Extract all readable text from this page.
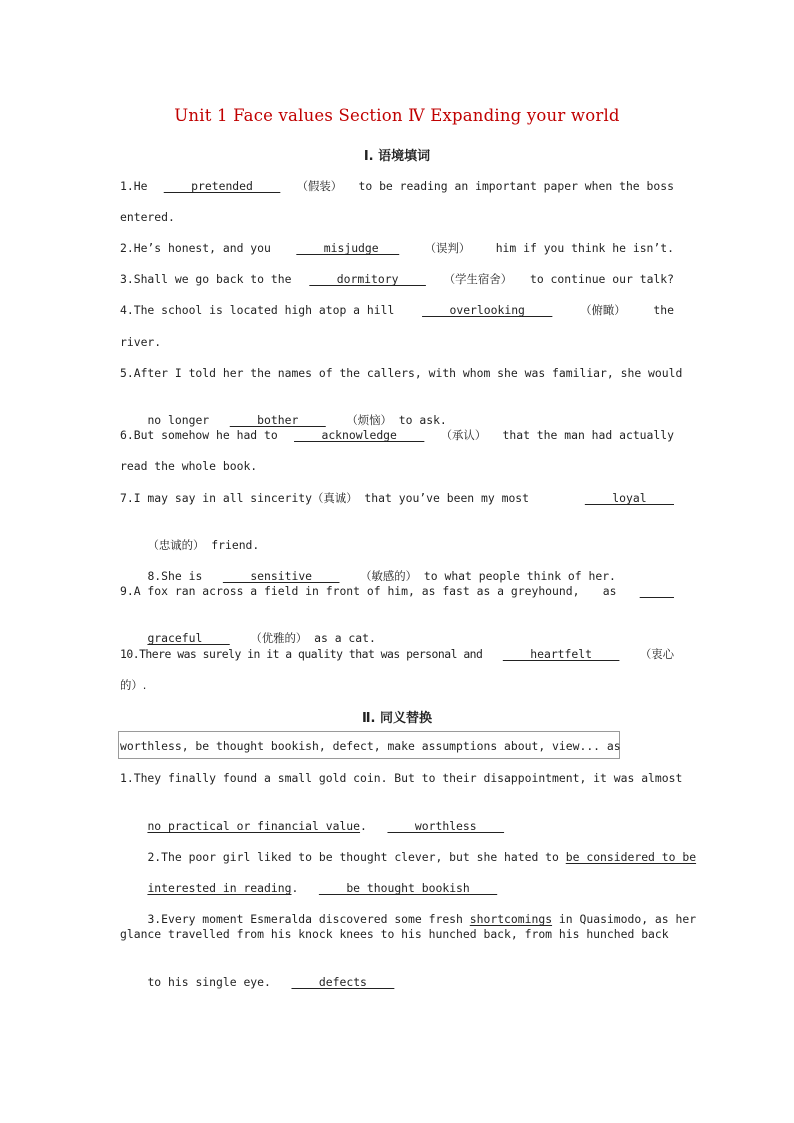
Unit 1 Face values Section Ⅳ Expanding your world
Ⅰ. 语境填词
1.He pretended （假装） to be reading an important paper when the boss
entered.
2.He’s honest, and you misjudge （误判） him if you think he isn’t.
3.Shall we go back to the dormitory （学生宿舍） to continue our talk?
4.The school is located high atop a hill overlooking （俯瞰） the
river.
5.After I told her the names of the callers, with whom she was familiar, she would

no longer       bother       （烦恼） to ask.

6.But somehow he had to acknowledge （承认） that the man had actually
read the whole book.
7.I may say in all sincerity（真诚） that you’ve been my most	loyal

（忠诚的） friend.

8.She is       sensitive       （敏感的） to what people think of her.

9.A fox ran across a field in front of him, as fast as a greyhound, as

graceful       （优雅的） as a cat.

10.There was surely in it a quality that was personal and heartfelt （衷心
的）.
Ⅱ. 同义替换
worthless, be thought bookish, defect, make assumptions about, view... as
1.They finally found a small gold coin. But to their disappointment, it was almost

no practical or financial value.       worthless

2.The poor girl liked to be thought clever, but she hated to be considered to be

interested in reading.       be thought bookish

3.Every moment Esmeralda discovered some fresh shortcomings in Quasimodo, as her

glance travelled from his knock knees to his hunched back, from his hunched back

to his single eye.       defects
